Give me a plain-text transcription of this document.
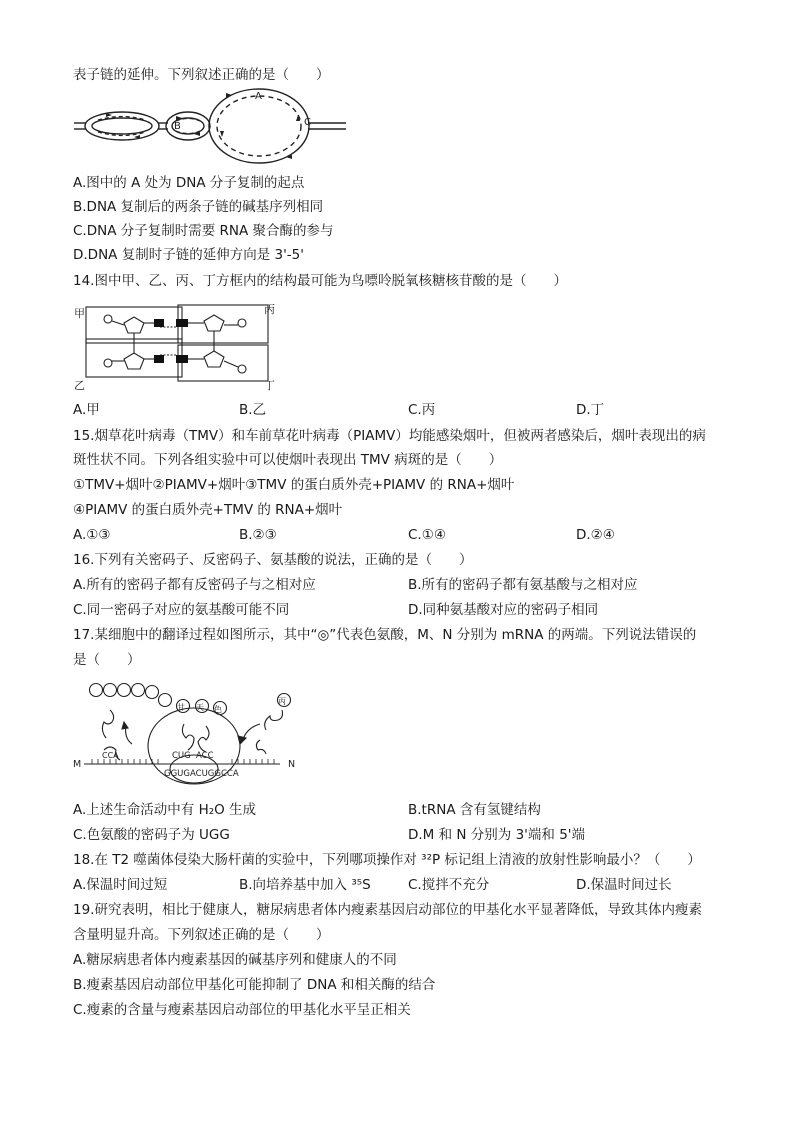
表子链的延伸。下列叙述正确的是（　　）
A
B	C
A.图中的 A 处为 DNA 分子复制的起点
B.DNA 复制后的两条子链的碱基序列相同
C.DNA 分子复制时需要 RNA 聚合酶的参与
D.DNA 复制时子链的延伸方向是 3'-5'
14.图中甲、乙、丙、丁方框内的结构最可能为鸟嘌呤脱氧核糖核苷酸的是（　　）
甲	丙
乙	丁
A.甲	B.乙	C.丙	D.丁
15.烟草花叶病毒（TMV）和车前草花叶病毒（PIAMV）均能感染烟叶，但被两者感染后，烟叶表现出的病
斑性状不同。下列各组实验中可以使烟叶表现出 TMV 病斑的是（　　）
①TMV+烟叶②PIAMV+烟叶③TMV 的蛋白质外壳+PIAMV 的 RNA+烟叶
④PIAMV 的蛋白质外壳+TMV 的 RNA+烟叶
A.①③	B.②③	C.①④	D.②④
16.下列有关密码子、反密码子、氨基酸的说法，正确的是（　　）
A.所有的密码子都有反密码子与之相对应	B.所有的密码子都有氨基酸与之相对应
C.同一密码子对应的氨基酸可能不同	D.同种氨基酸对应的密码子相同
17.某细胞中的翻译过程如图所示，其中“◎”代表色氨酸，M、N 分别为 mRNA 的两端。下列说法错误的
是（　　）
甘 天 色
丙
CCA	CUG ACC
M	N
GGUGACUGGCCA
A.上述生命活动中有 H₂O 生成	B.tRNA 含有氢键结构
C.色氨酸的密码子为 UGG	D.M 和 N 分别为 3'端和 5'端
18.在 T2 噬菌体侵染大肠杆菌的实验中，下列哪项操作对 ³²P 标记组上清液的放射性影响最小？（　　）
A.保温时间过短	B.向培养基中加入 ³⁵S	C.搅拌不充分	D.保温时间过长
19.研究表明，相比于健康人，糖尿病患者体内瘦素基因启动部位的甲基化水平显著降低，导致其体内瘦素
含量明显升高。下列叙述正确的是（　　）
A.糖尿病患者体内瘦素基因的碱基序列和健康人的不同
B.瘦素基因启动部位甲基化可能抑制了 DNA 和相关酶的结合
C.瘦素的含量与瘦素基因启动部位的甲基化水平呈正相关
